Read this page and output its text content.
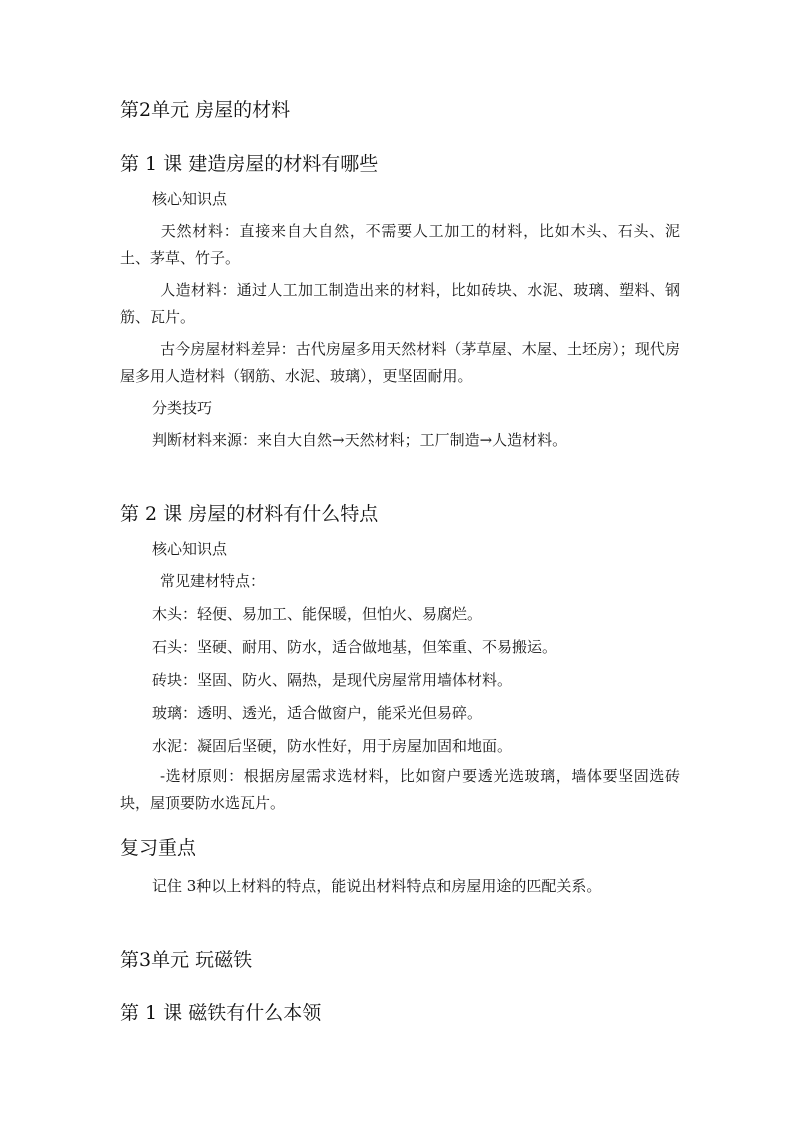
第2单元 房屋的材料
第 1 课 建造房屋的材料有哪些
核心知识点
天然材料：直接来自大自然，不需要人工加工的材料，比如木头、石头、泥土、茅草、竹子。
人造材料：通过人工加工制造出来的材料，比如砖块、水泥、玻璃、塑料、钢筋、瓦片。
古今房屋材料差异：古代房屋多用天然材料（茅草屋、木屋、土坯房）；现代房屋多用人造材料（钢筋、水泥、玻璃），更坚固耐用。
分类技巧
判断材料来源：来自大自然→天然材料；工厂制造→人造材料。
第 2 课 房屋的材料有什么特点
核心知识点
常见建材特点：
木头：轻便、易加工、能保暖，但怕火、易腐烂。
石头：坚硬、耐用、防水，适合做地基，但笨重、不易搬运。
砖块：坚固、防火、隔热，是现代房屋常用墙体材料。
玻璃：透明、透光，适合做窗户，能采光但易碎。
水泥：凝固后坚硬，防水性好，用于房屋加固和地面。
-选材原则：根据房屋需求选材料，比如窗户要透光选玻璃，墙体要坚固选砖块，屋顶要防水选瓦片。
复习重点
记住 3种以上材料的特点，能说出材料特点和房屋用途的匹配关系。
第3单元 玩磁铁
第 1 课 磁铁有什么本领
